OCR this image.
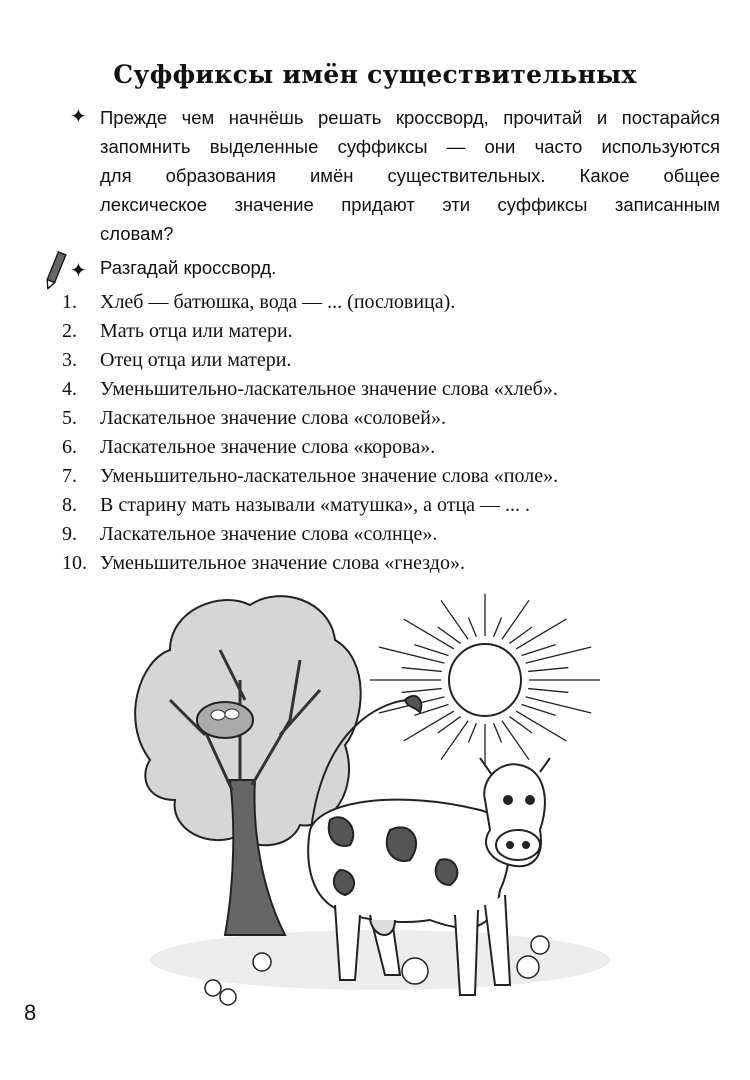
Суффиксы имён существительных
✦ Прежде чем начнёшь решать кроссворд, прочитай и постарайся
запомнить выделенные суффиксы — они часто используются
для образования имён существительных. Какое общее
лексическое значение придают эти суффиксы записанным
словам?
✦ Разгадай кроссворд.
1.	Хлеб — батюшка, вода — ... (пословица).
2.	Мать отца или матери.
3.	Отец отца или матери.
4.	Уменьшительно-ласкательное значение слова «хлеб».
5.	Ласкательное значение слова «соловей».
6.	Ласкательное значение слова «корова».
7.	Уменьшительно-ласкательное значение слова «поле».
8.	В старину мать называли «матушка», а отца — ... .
9.	Ласкательное значение слова «солнце».
10. Уменьшительное значение слова «гнездо».
8
